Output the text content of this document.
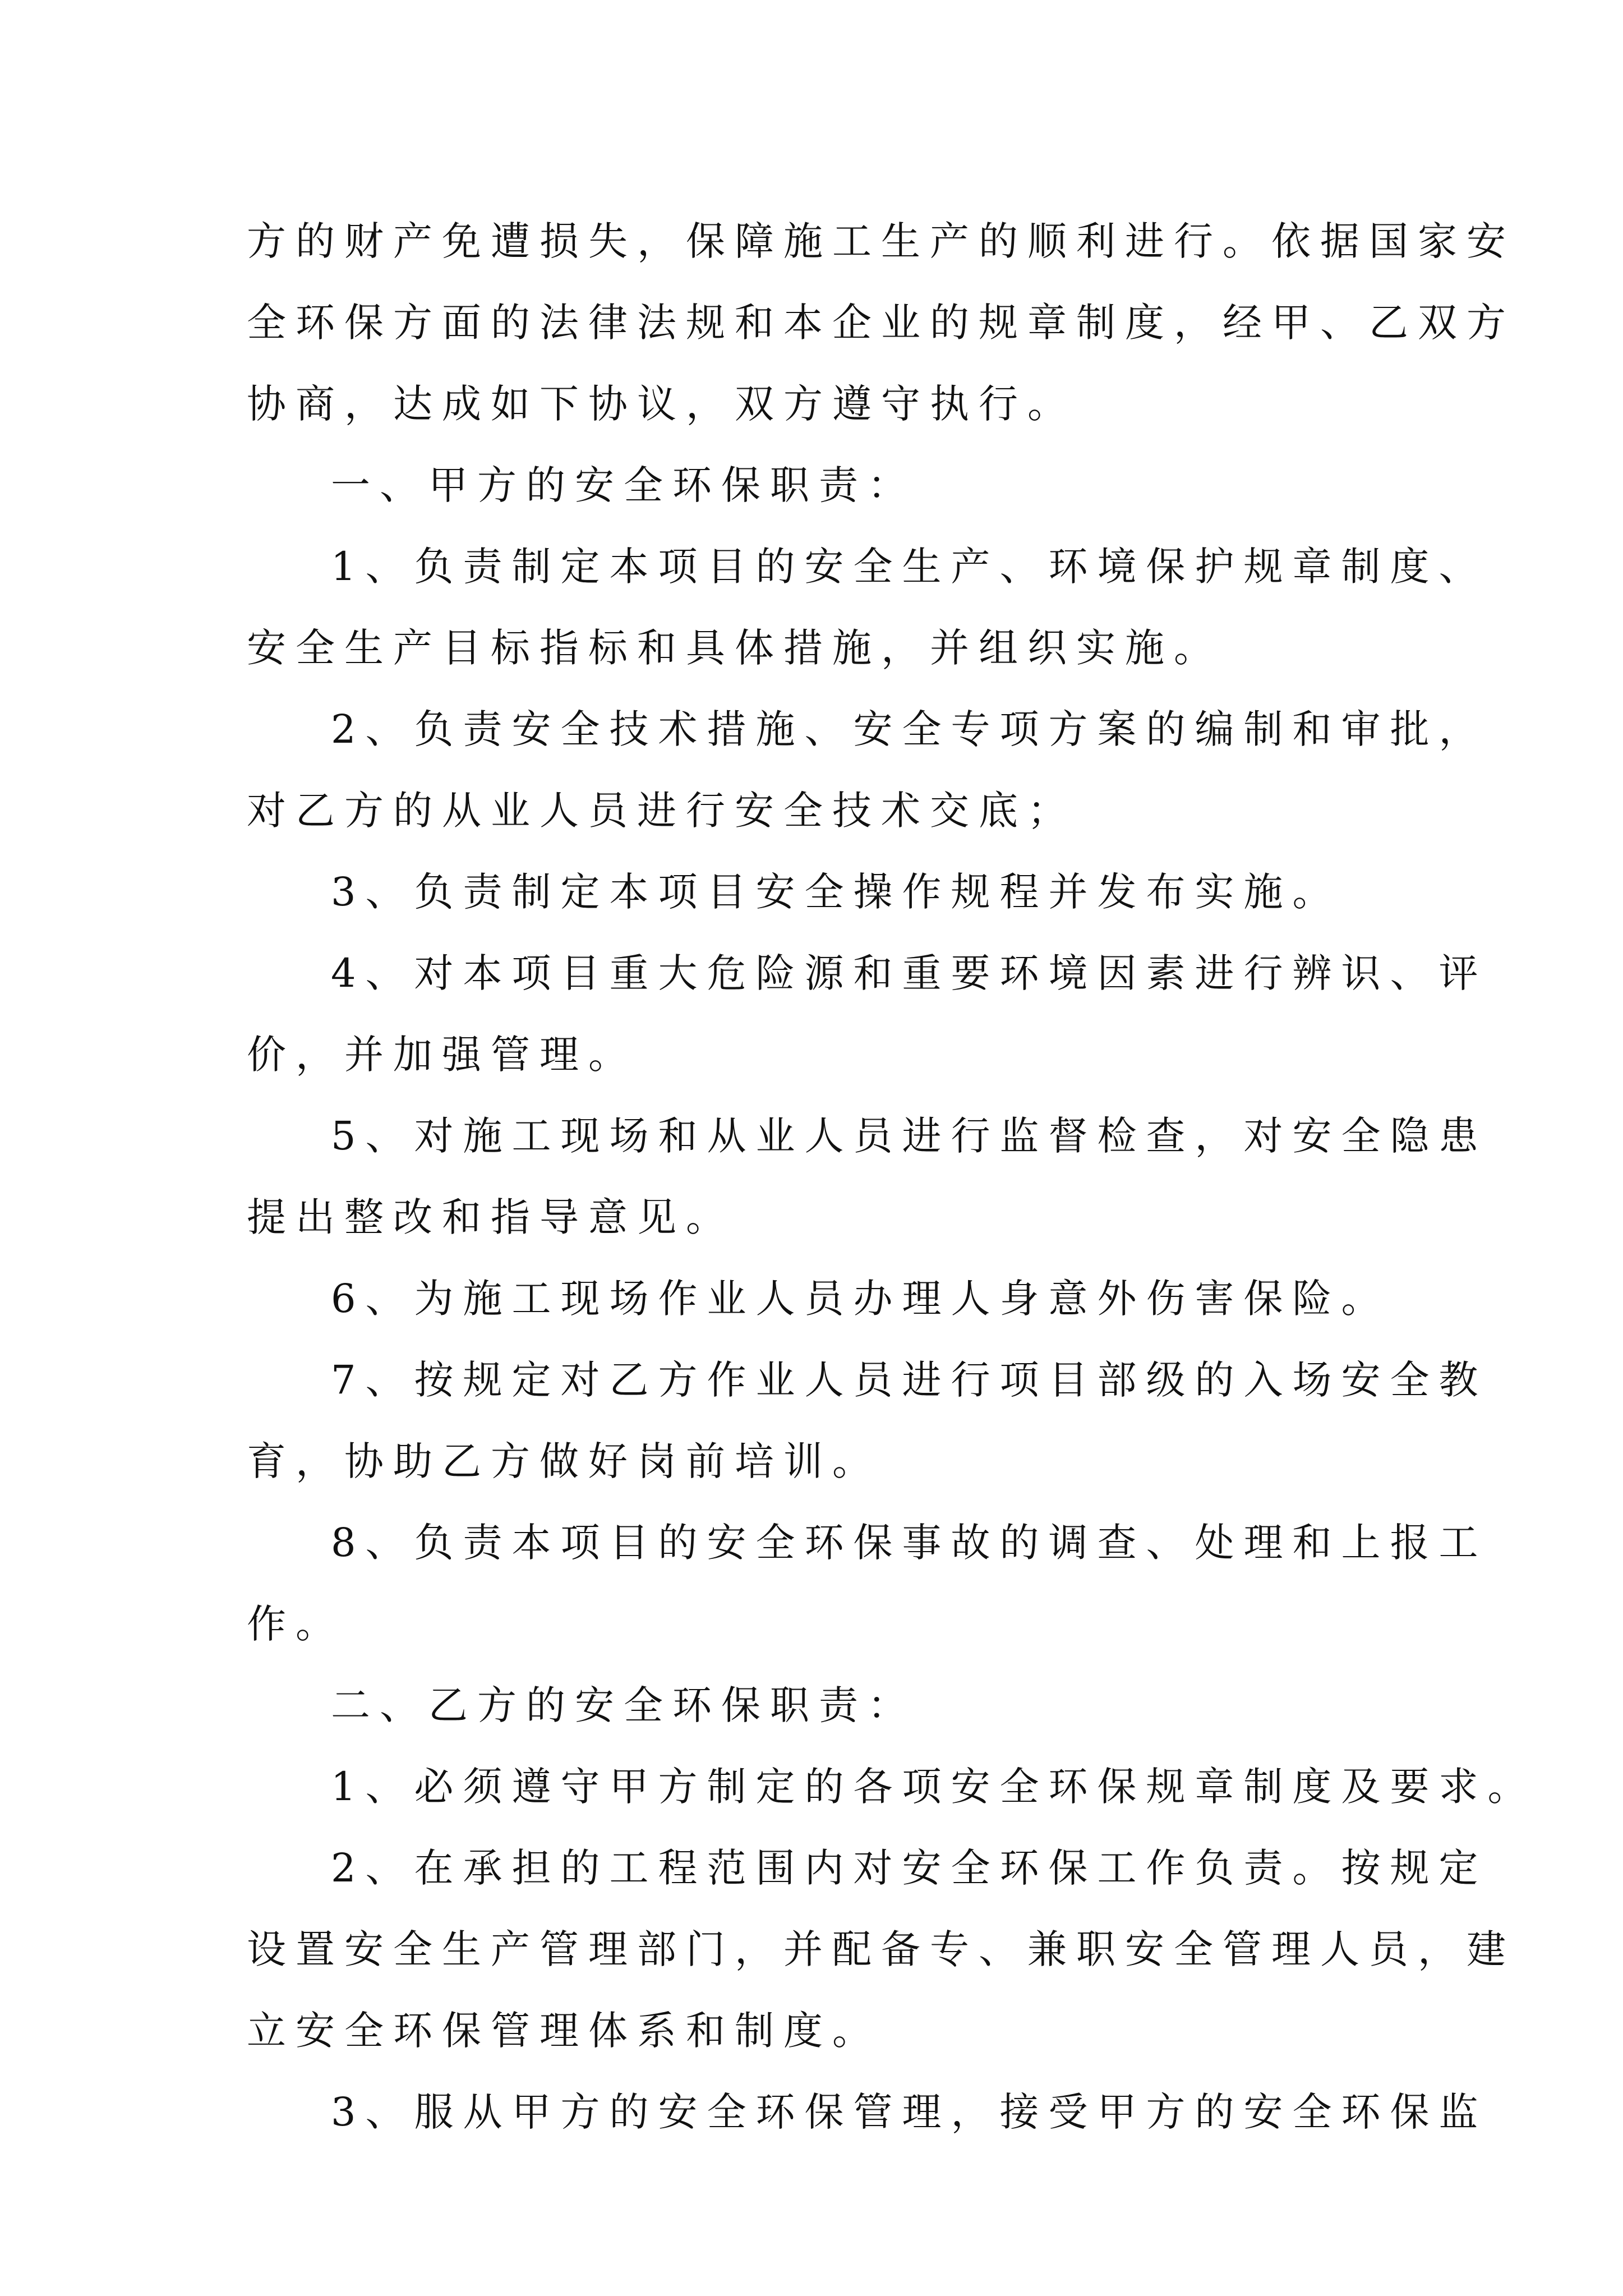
方的财产免遭损失，保障施工生产的顺利进行。依据国家安
全环保方面的法律法规和本企业的规章制度，经甲、乙双方
协商，达成如下协议，双方遵守执行。
一、甲方的安全环保职责：
1、负责制定本项目的安全生产、环境保护规章制度、
安全生产目标指标和具体措施，并组织实施。
2、负责安全技术措施、安全专项方案的编制和审批，
对乙方的从业人员进行安全技术交底；
3、负责制定本项目安全操作规程并发布实施。
4、对本项目重大危险源和重要环境因素进行辨识、评
价，并加强管理。
5、对施工现场和从业人员进行监督检查，对安全隐患
提出整改和指导意见。
6、为施工现场作业人员办理人身意外伤害保险。
7、按规定对乙方作业人员进行项目部级的入场安全教
育，协助乙方做好岗前培训。
8、负责本项目的安全环保事故的调查、处理和上报工
作。
二、乙方的安全环保职责：
1、必须遵守甲方制定的各项安全环保规章制度及要求。
2、在承担的工程范围内对安全环保工作负责。按规定
设置安全生产管理部门，并配备专、兼职安全管理人员，建
立安全环保管理体系和制度。
3、服从甲方的安全环保管理，接受甲方的安全环保监
